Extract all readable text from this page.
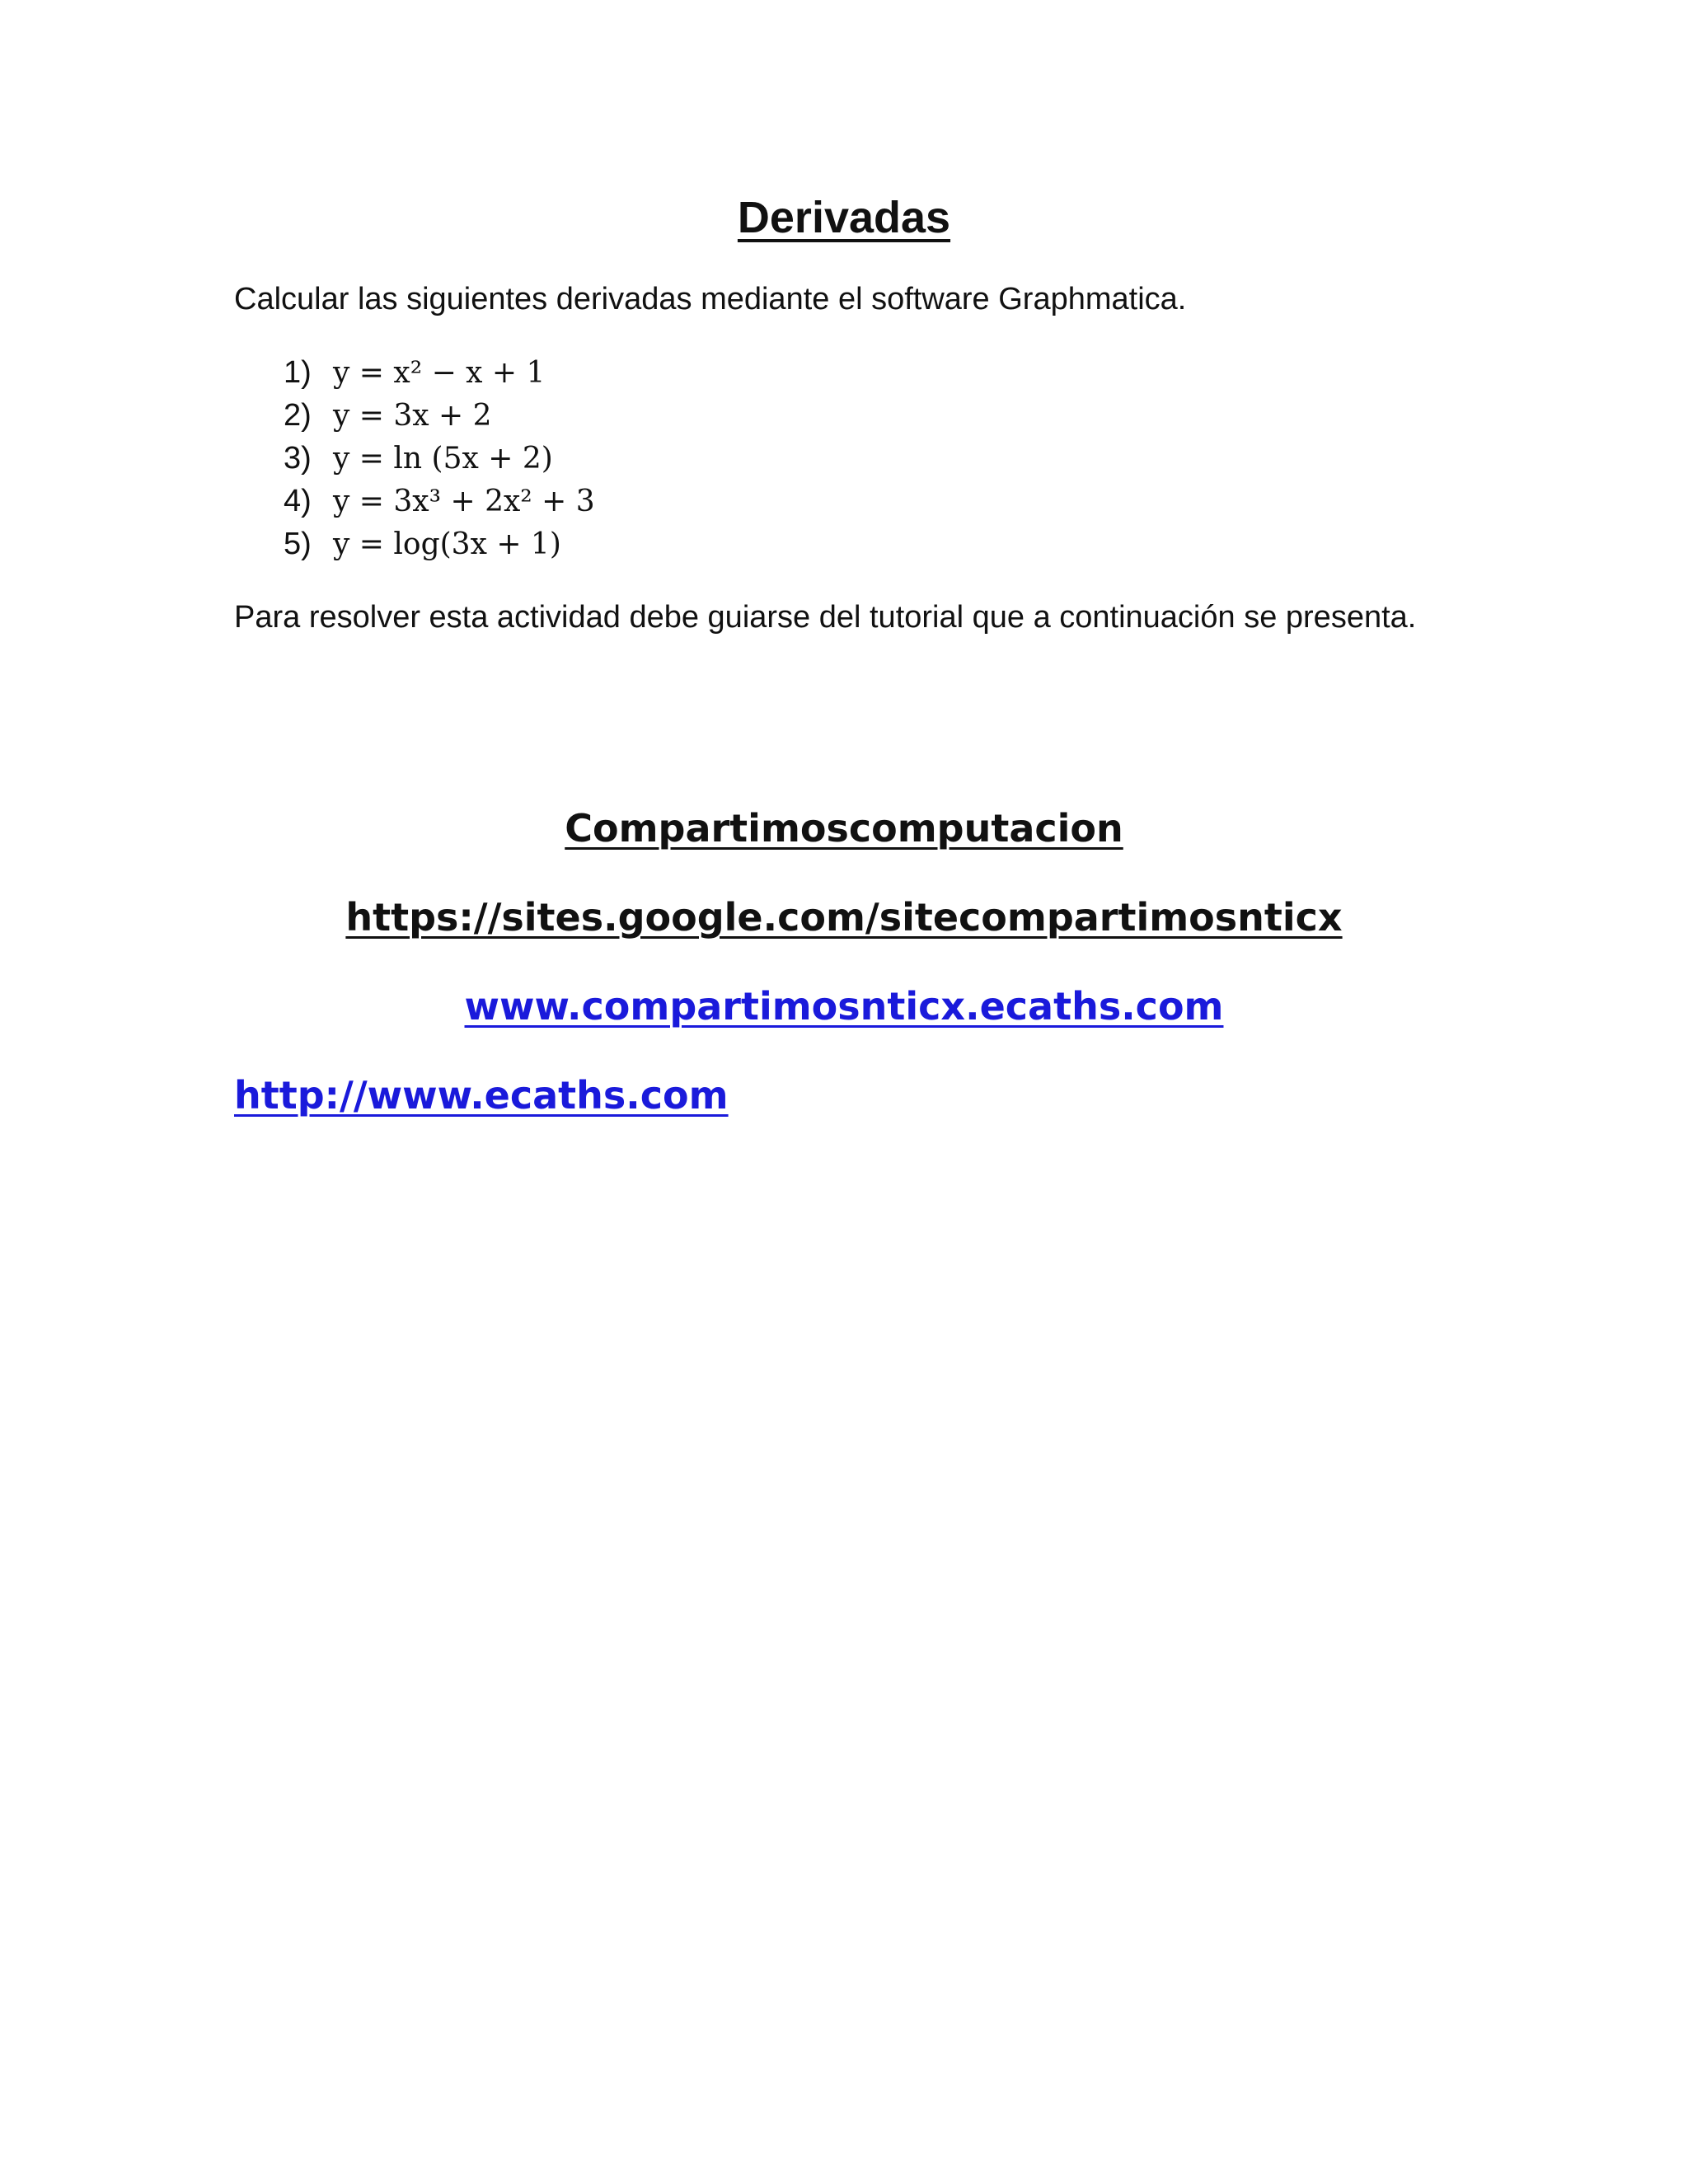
Derivadas
Calcular las siguientes derivadas mediante el software Graphmatica.
1) y = x² − x + 1
2) y = 3x + 2
3) y = ln (5x + 2)
4) y = 3x³ + 2x² + 3
5) y = log(3x + 1)
Para resolver esta actividad debe guiarse del tutorial que a continuación se presenta.
Compartimoscomputacion
https://sites.google.com/sitecompartimosnticx
www.compartimosnticx.ecaths.com
http://www.ecaths.com
